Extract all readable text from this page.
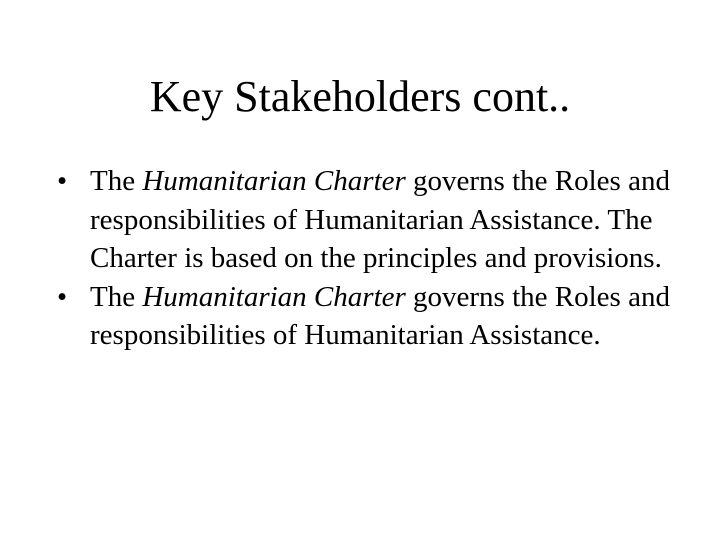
Key Stakeholders cont..
• The Humanitarian Charter governs the Roles and responsibilities of Humanitarian Assistance. The Charter is based on the principles and provisions.
• The Humanitarian Charter governs the Roles and responsibilities of Humanitarian Assistance.
